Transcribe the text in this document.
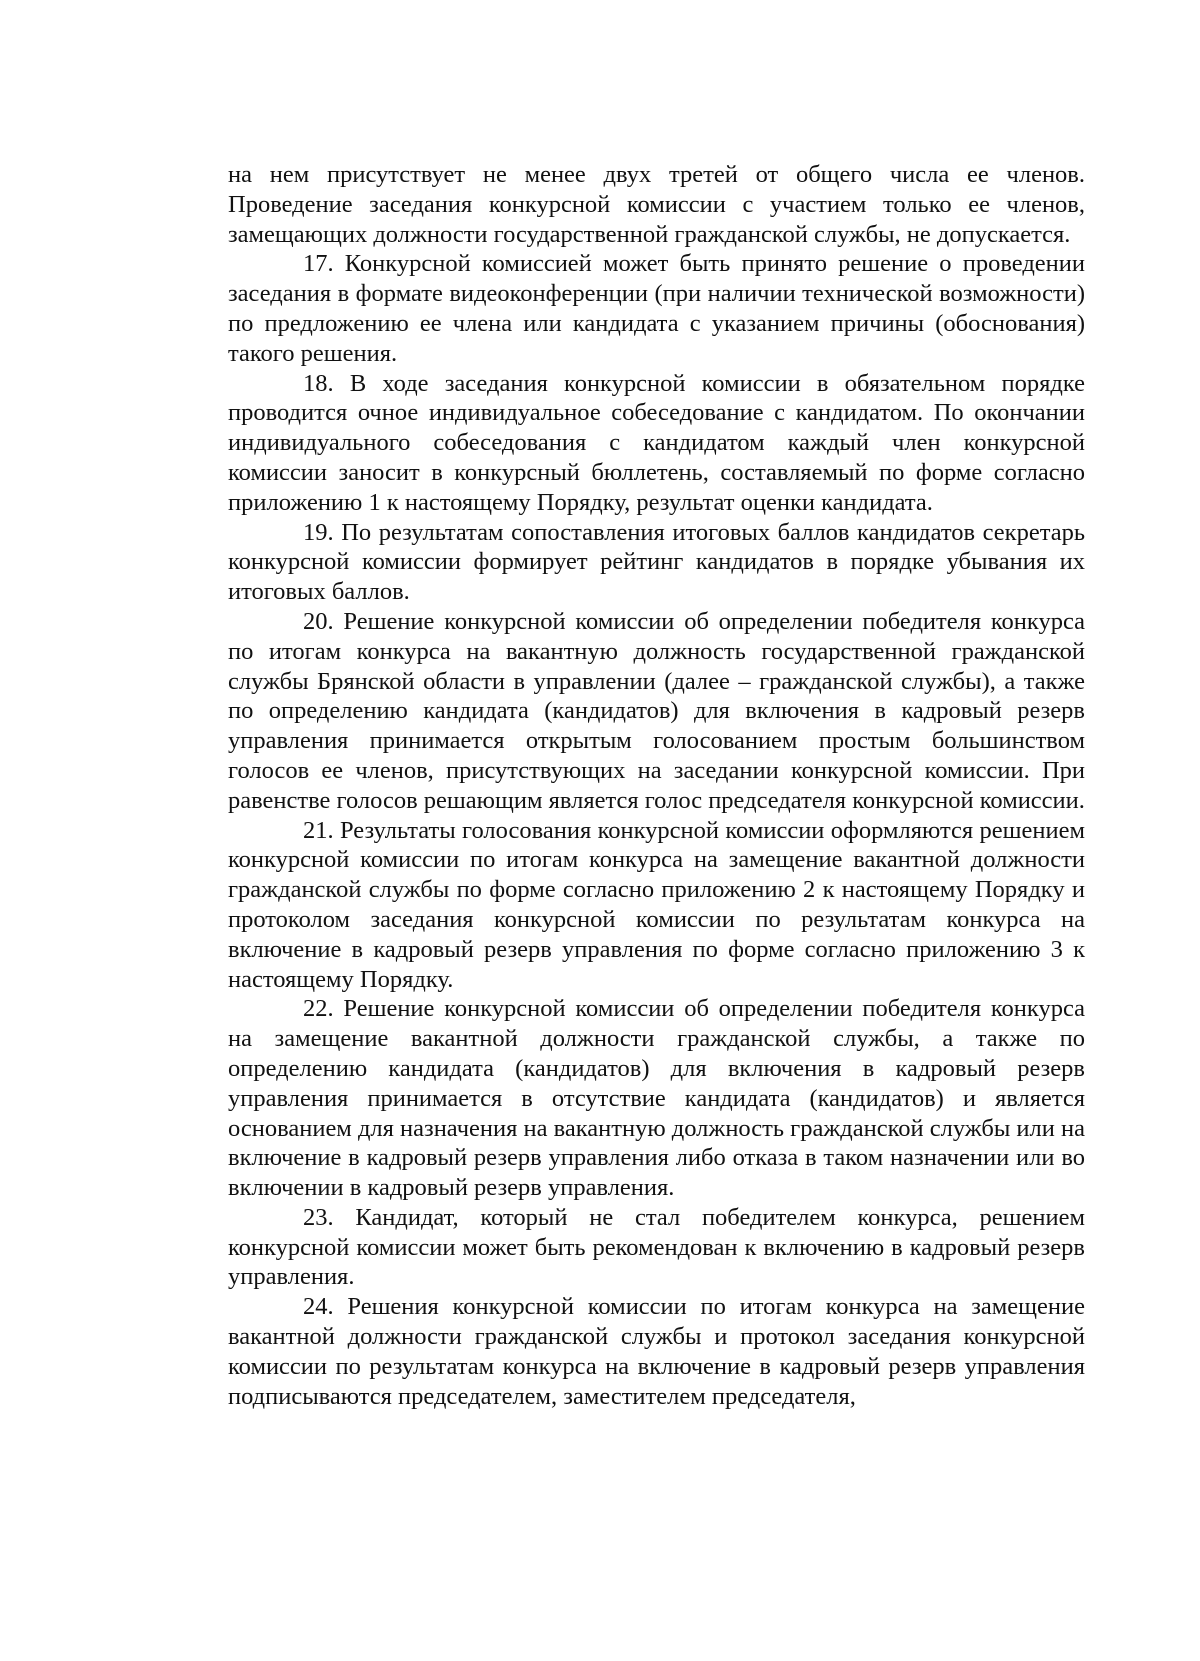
на нем присутствует не менее двух третей от общего числа ее членов. Проведение заседания конкурсной комиссии с участием только ее членов, замещающих должности государственной гражданской службы, не допускается.

17. Конкурсной комиссией может быть принято решение о проведении заседания в формате видеоконференции (при наличии технической возможности) по предложению ее члена или кандидата с указанием причины (обоснования) такого решения.

18. В ходе заседания конкурсной комиссии в обязательном порядке проводится очное индивидуальное собеседование с кандидатом. По окончании индивидуального собеседования с кандидатом каждый член конкурсной комиссии заносит в конкурсный бюллетень, составляемый по форме согласно приложению 1 к настоящему Порядку, результат оценки кандидата.

19. По результатам сопоставления итоговых баллов кандидатов секретарь конкурсной комиссии формирует рейтинг кандидатов в порядке убывания их итоговых баллов.

20. Решение конкурсной комиссии об определении победителя конкурса по итогам конкурса на вакантную должность государственной гражданской службы Брянской области в управлении (далее – гражданской службы), а также по определению кандидата (кандидатов) для включения в кадровый резерв управления принимается открытым голосованием простым большинством голосов ее членов, присутствующих на заседании конкурсной комиссии. При равенстве голосов решающим является голос председателя конкурсной комиссии.

21. Результаты голосования конкурсной комиссии оформляются решением конкурсной комиссии по итогам конкурса на замещение вакантной должности гражданской службы по форме согласно приложению 2 к настоящему Порядку и протоколом заседания конкурсной комиссии по результатам конкурса на включение в кадровый резерв управления по форме согласно приложению 3 к настоящему Порядку.

22. Решение конкурсной комиссии об определении победителя конкурса на замещение вакантной должности гражданской службы, а также по определению кандидата (кандидатов) для включения в кадровый резерв управления принимается в отсутствие кандидата (кандидатов) и является основанием для назначения на вакантную должность гражданской службы или на включение в кадровый резерв управления либо отказа в таком назначении или во включении в кадровый резерв управления.

23. Кандидат, который не стал победителем конкурса, решением конкурсной комиссии может быть рекомендован к включению в кадровый резерв управления.

24. Решения конкурсной комиссии по итогам конкурса на замещение вакантной должности гражданской службы и протокол заседания конкурсной комиссии по результатам конкурса на включение в кадровый резерв управления подписываются председателем, заместителем председателя,
